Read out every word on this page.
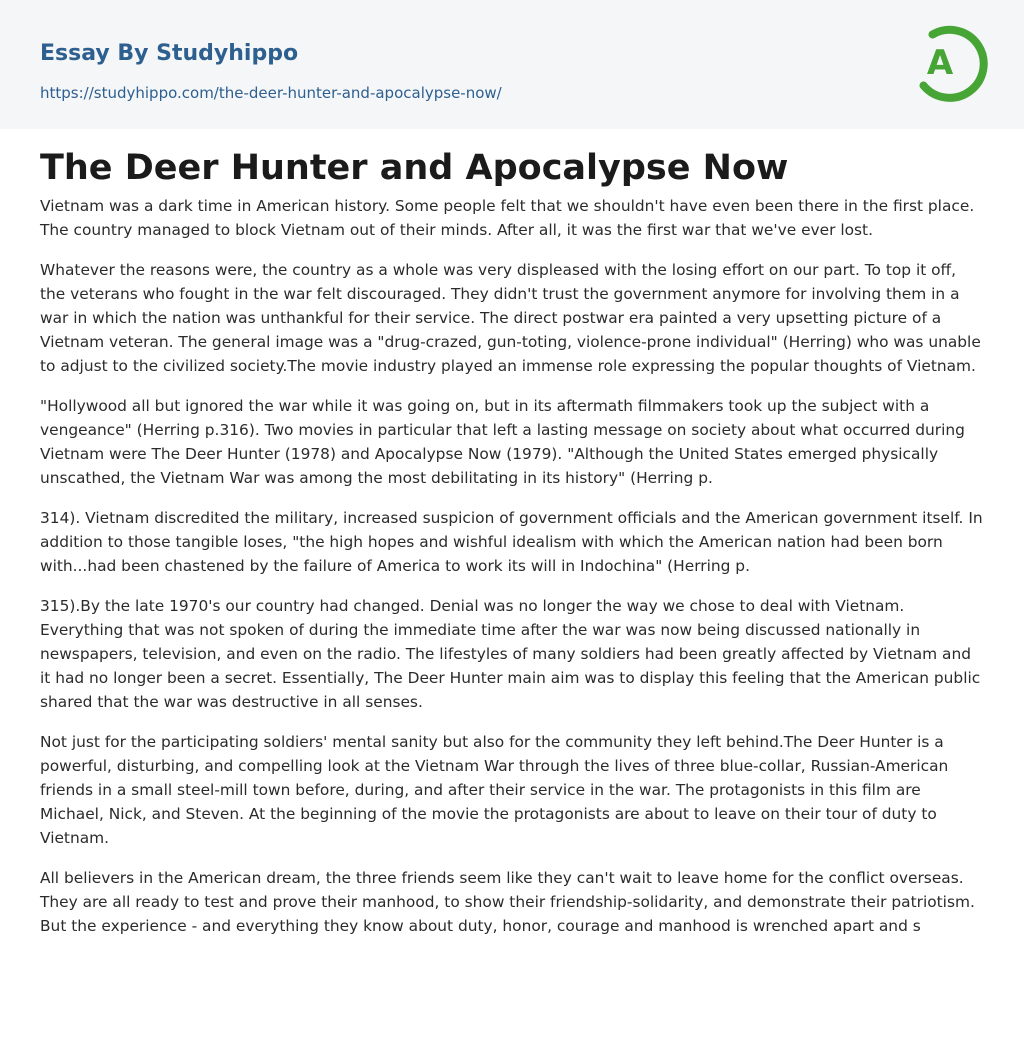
Essay By Studyhippo
https://studyhippo.com/the-deer-hunter-and-apocalypse-now/
A
The Deer Hunter and Apocalypse Now

Vietnam was a dark time in American history. Some people felt that we shouldn't have even been there in the first place. The country managed to block Vietnam out of their minds. After all, it was the first war that we've ever lost.

Whatever the reasons were, the country as a whole was very displeased with the losing effort on our part. To top it off, the veterans who fought in the war felt discouraged. They didn't trust the government anymore for involving them in a war in which the nation was unthankful for their service. The direct postwar era painted a very upsetting picture of a Vietnam veteran. The general image was a "drug-crazed, gun-toting, violence-prone individual" (Herring) who was unable to adjust to the civilized society.The movie industry played an immense role expressing the popular thoughts of Vietnam.

"Hollywood all but ignored the war while it was going on, but in its aftermath filmmakers took up the subject with a vengeance" (Herring p.316). Two movies in particular that left a lasting message on society about what occurred during Vietnam were The Deer Hunter (1978) and Apocalypse Now (1979). "Although the United States emerged physically unscathed, the Vietnam War was among the most debilitating in its history" (Herring p.

314). Vietnam discredited the military, increased suspicion of government officials and the American government itself. In addition to those tangible loses, "the high hopes and wishful idealism with which the American nation had been born with...had been chastened by the failure of America to work its will in Indochina" (Herring p.

315).By the late 1970's our country had changed. Denial was no longer the way we chose to deal with Vietnam. Everything that was not spoken of during the immediate time after the war was now being discussed nationally in newspapers, television, and even on the radio. The lifestyles of many soldiers had been greatly affected by Vietnam and it had no longer been a secret. Essentially, The Deer Hunter main aim was to display this feeling that the American public shared that the war was destructive in all senses.

Not just for the participating soldiers' mental sanity but also for the community they left behind.The Deer Hunter is a powerful, disturbing, and compelling look at the Vietnam War through the lives of three blue-collar, Russian-American friends in a small steel-mill town before, during, and after their service in the war. The protagonists in this film are Michael, Nick, and Steven. At the beginning of the movie the protagonists are about to leave on their tour of duty to Vietnam.

All believers in the American dream, the three friends seem like they can't wait to leave home for the conflict overseas. They are all ready to test and prove their manhood, to show their friendship-solidarity, and demonstrate their patriotism. But the experience - and everything they know about duty, honor, courage and manhood is wrenched apart and s
